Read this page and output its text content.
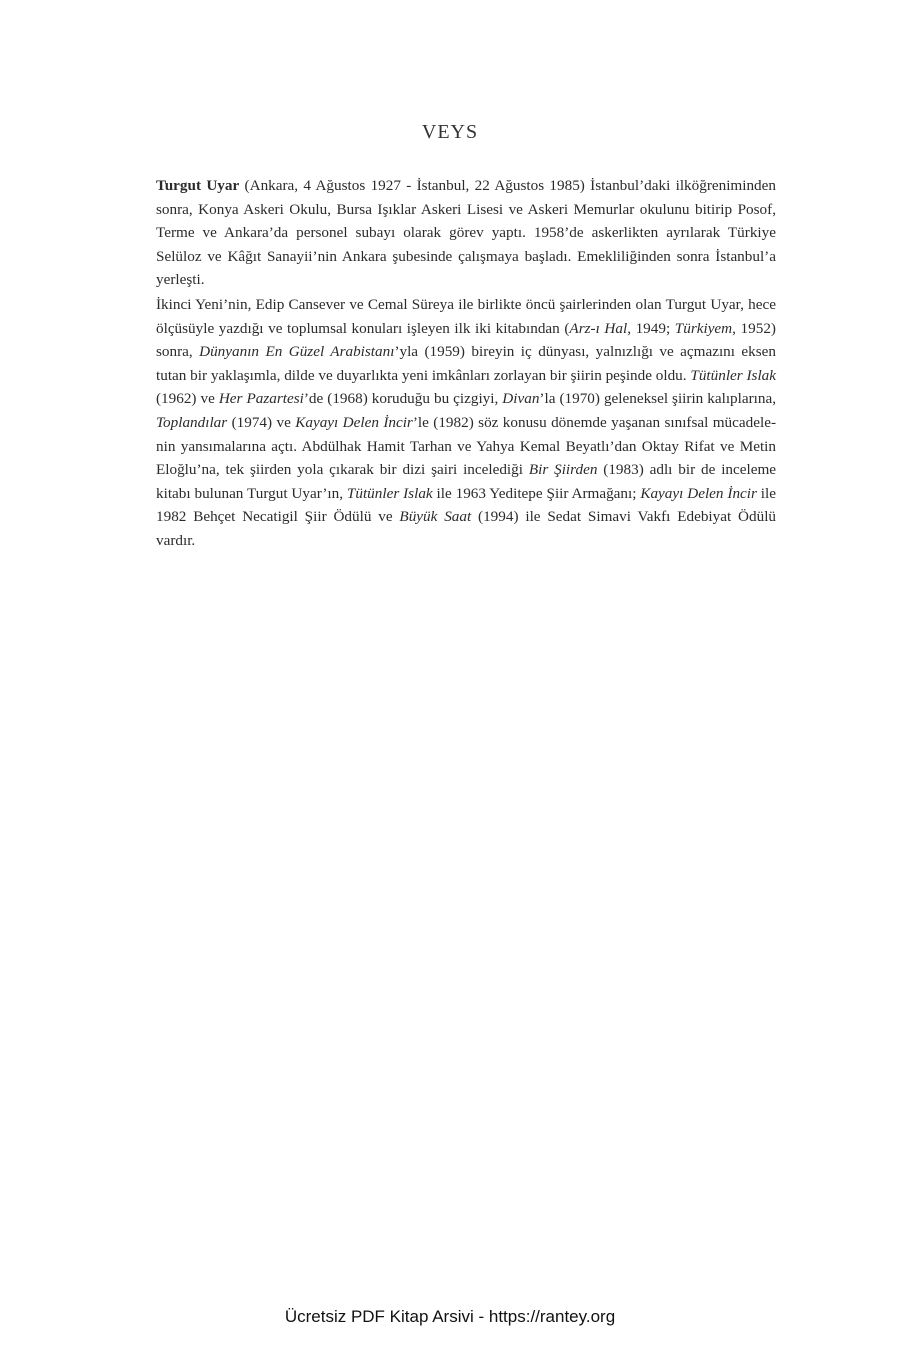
VEYS

Turgut Uyar (Ankara, 4 Ağustos 1927 - İstanbul, 22 Ağustos 1985) İstanbul’daki ilköğreniminden sonra, Konya Askeri Okulu, Bursa Işıklar Askeri Lisesi ve Askeri Memurlar okulunu bitirip Posof, Terme ve Ankara’da personel subayı olarak görev yaptı. 1958’de askerlikten ayrılarak Türkiye Selüloz ve Kâğıt Sanayii’nin Ankara şubesinde çalışmaya başladı. Emekliliğinden sonra İstanbul’a yerleşti.

İkinci Yeni’nin, Edip Cansever ve Cemal Süreya ile birlikte öncü şairlerinden olan Turgut Uyar, hece ölçüsüyle yazdığı ve toplumsal konuları işleyen ilk iki kitabından (Arz-ı Hal, 1949; Türkiyem, 1952) sonra, Dünyanın En Güzel Arabistanı’yla (1959) bireyin iç dünyası, yalnızlığı ve açmazını eksen tutan bir yaklaşımla, dilde ve duyarlıkta yeni imkânları zorlayan bir şiirin peşinde oldu. Tütünler Islak (1962) ve Her Pazartesi’de (1968) koruduğu bu çizgiyi, Divan’la (1970) geleneksel şiirin kalıplarına, Toplandılar (1974) ve Kayayı Delen İncir’le (1982) söz konusu dönemde yaşanan sınıfsal mücadelenin yansımalarına açtı. Abdülhak Hamit Tarhan ve Yahya Kemal Beyatlı’dan Oktay Rifat ve Metin Eloğlu’na, tek şiirden yola çıkarak bir dizi şairi incelediği Bir Şiirden (1983) adlı bir de inceleme kitabı bulunan Turgut Uyar’ın, Tütünler Islak ile 1963 Yeditepe Şiir Armağanı; Kayayı Delen İncir ile 1982 Behçet Necatigil Şiir Ödülü ve Büyük Saat (1994) ile Sedat Simavi Vakfı Edebiyat Ödülü vardır.

Ücretsiz PDF Kitap Arsivi - https://rantey.org
